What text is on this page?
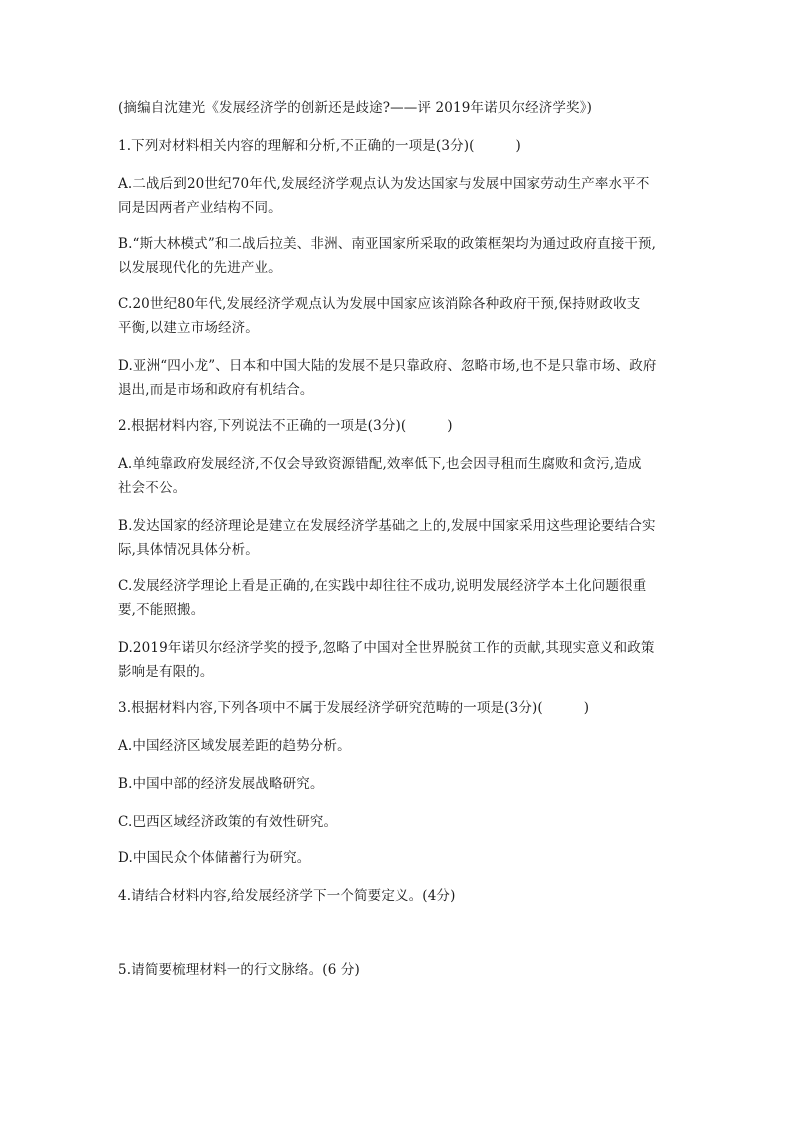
(摘编自沈建光《发展经济学的创新还是歧途?——评 2019年诺贝尔经济学奖》)
1.下列对材料相关内容的理解和分析,不正确的一项是(3分)(　　　)
A.二战后到20世纪70年代,发展经济学观点认为发达国家与发展中国家劳动生产率水平不
同是因两者产业结构不同。
B.“斯大林模式”和二战后拉美、非洲、南亚国家所采取的政策框架均为通过政府直接干预,
以发展现代化的先进产业。
C.20世纪80年代,发展经济学观点认为发展中国家应该消除各种政府干预,保持财政收支
平衡,以建立市场经济。
D.亚洲“四小龙”、日本和中国大陆的发展不是只靠政府、忽略市场,也不是只靠市场、政府
退出,而是市场和政府有机结合。
2.根据材料内容,下列说法不正确的一项是(3分)(　　　)
A.单纯靠政府发展经济,不仅会导致资源错配,效率低下,也会因寻租而生腐败和贪污,造成
社会不公。
B.发达国家的经济理论是建立在发展经济学基础之上的,发展中国家采用这些理论要结合实
际,具体情况具体分析。
C.发展经济学理论上看是正确的,在实践中却往往不成功,说明发展经济学本土化问题很重
要,不能照搬。
D.2019年诺贝尔经济学奖的授予,忽略了中国对全世界脱贫工作的贡献,其现实意义和政策
影响是有限的。
3.根据材料内容,下列各项中不属于发展经济学研究范畴的一项是(3分)(　　　)
A.中国经济区域发展差距的趋势分析。
B.中国中部的经济发展战略研究。
C.巴西区域经济政策的有效性研究。
D.中国民众个体储蓄行为研究。
4.请结合材料内容,给发展经济学下一个简要定义。(4分)
5.请简要梳理材料一的行文脉络。(6 分)
